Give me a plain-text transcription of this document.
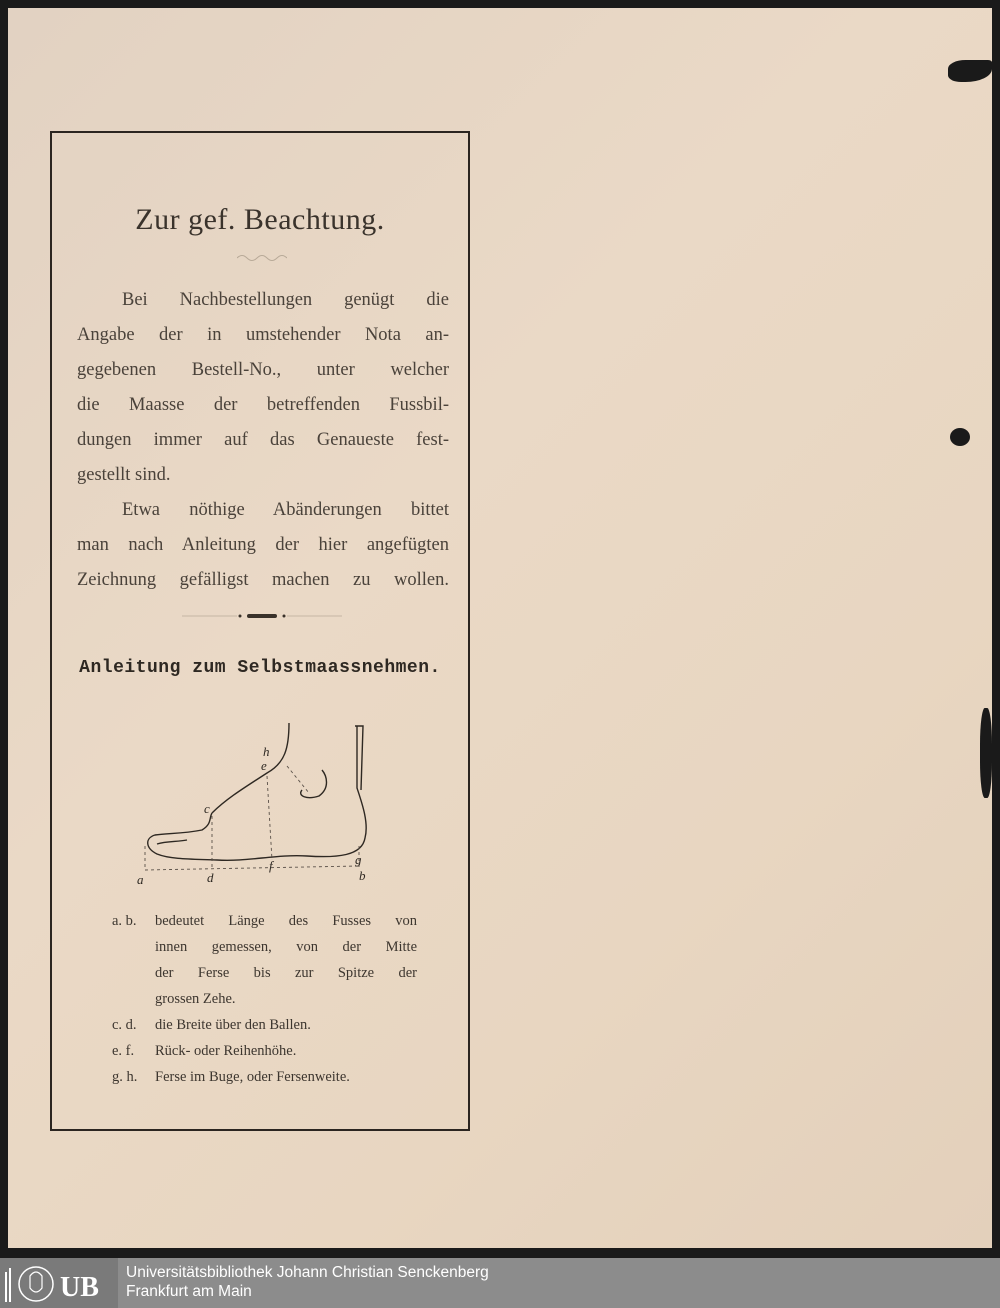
Zur gef. Beachtung.
Bei Nachbestellungen genügt die
Angabe der in umstehender Nota an-
gegebenen Bestell-No., unter welcher
die Maasse der betreffenden Fussbil-
dungen immer auf das Genaueste fest-
gestellt sind.
Etwa nöthige Abänderungen bittet
man nach Anleitung der hier angefügten
Zeichnung gefälligst machen zu wollen.
Anleitung zum Selbstmaassnehmen.
a	b
c
d
e
f	g
h
a. b.	bedeutet Länge des Fusses von
innen gemessen, von der Mitte
der Ferse bis zur Spitze der
grossen Zehe.
c. d.	die Breite über den Ballen.
e. f.	Rück- oder Reihenhöhe.
g. h.	Ferse im Buge, oder Fersenweite.
UB Universitätsbibliothek Johann Christian Senckenberg
Frankfurt am Main
